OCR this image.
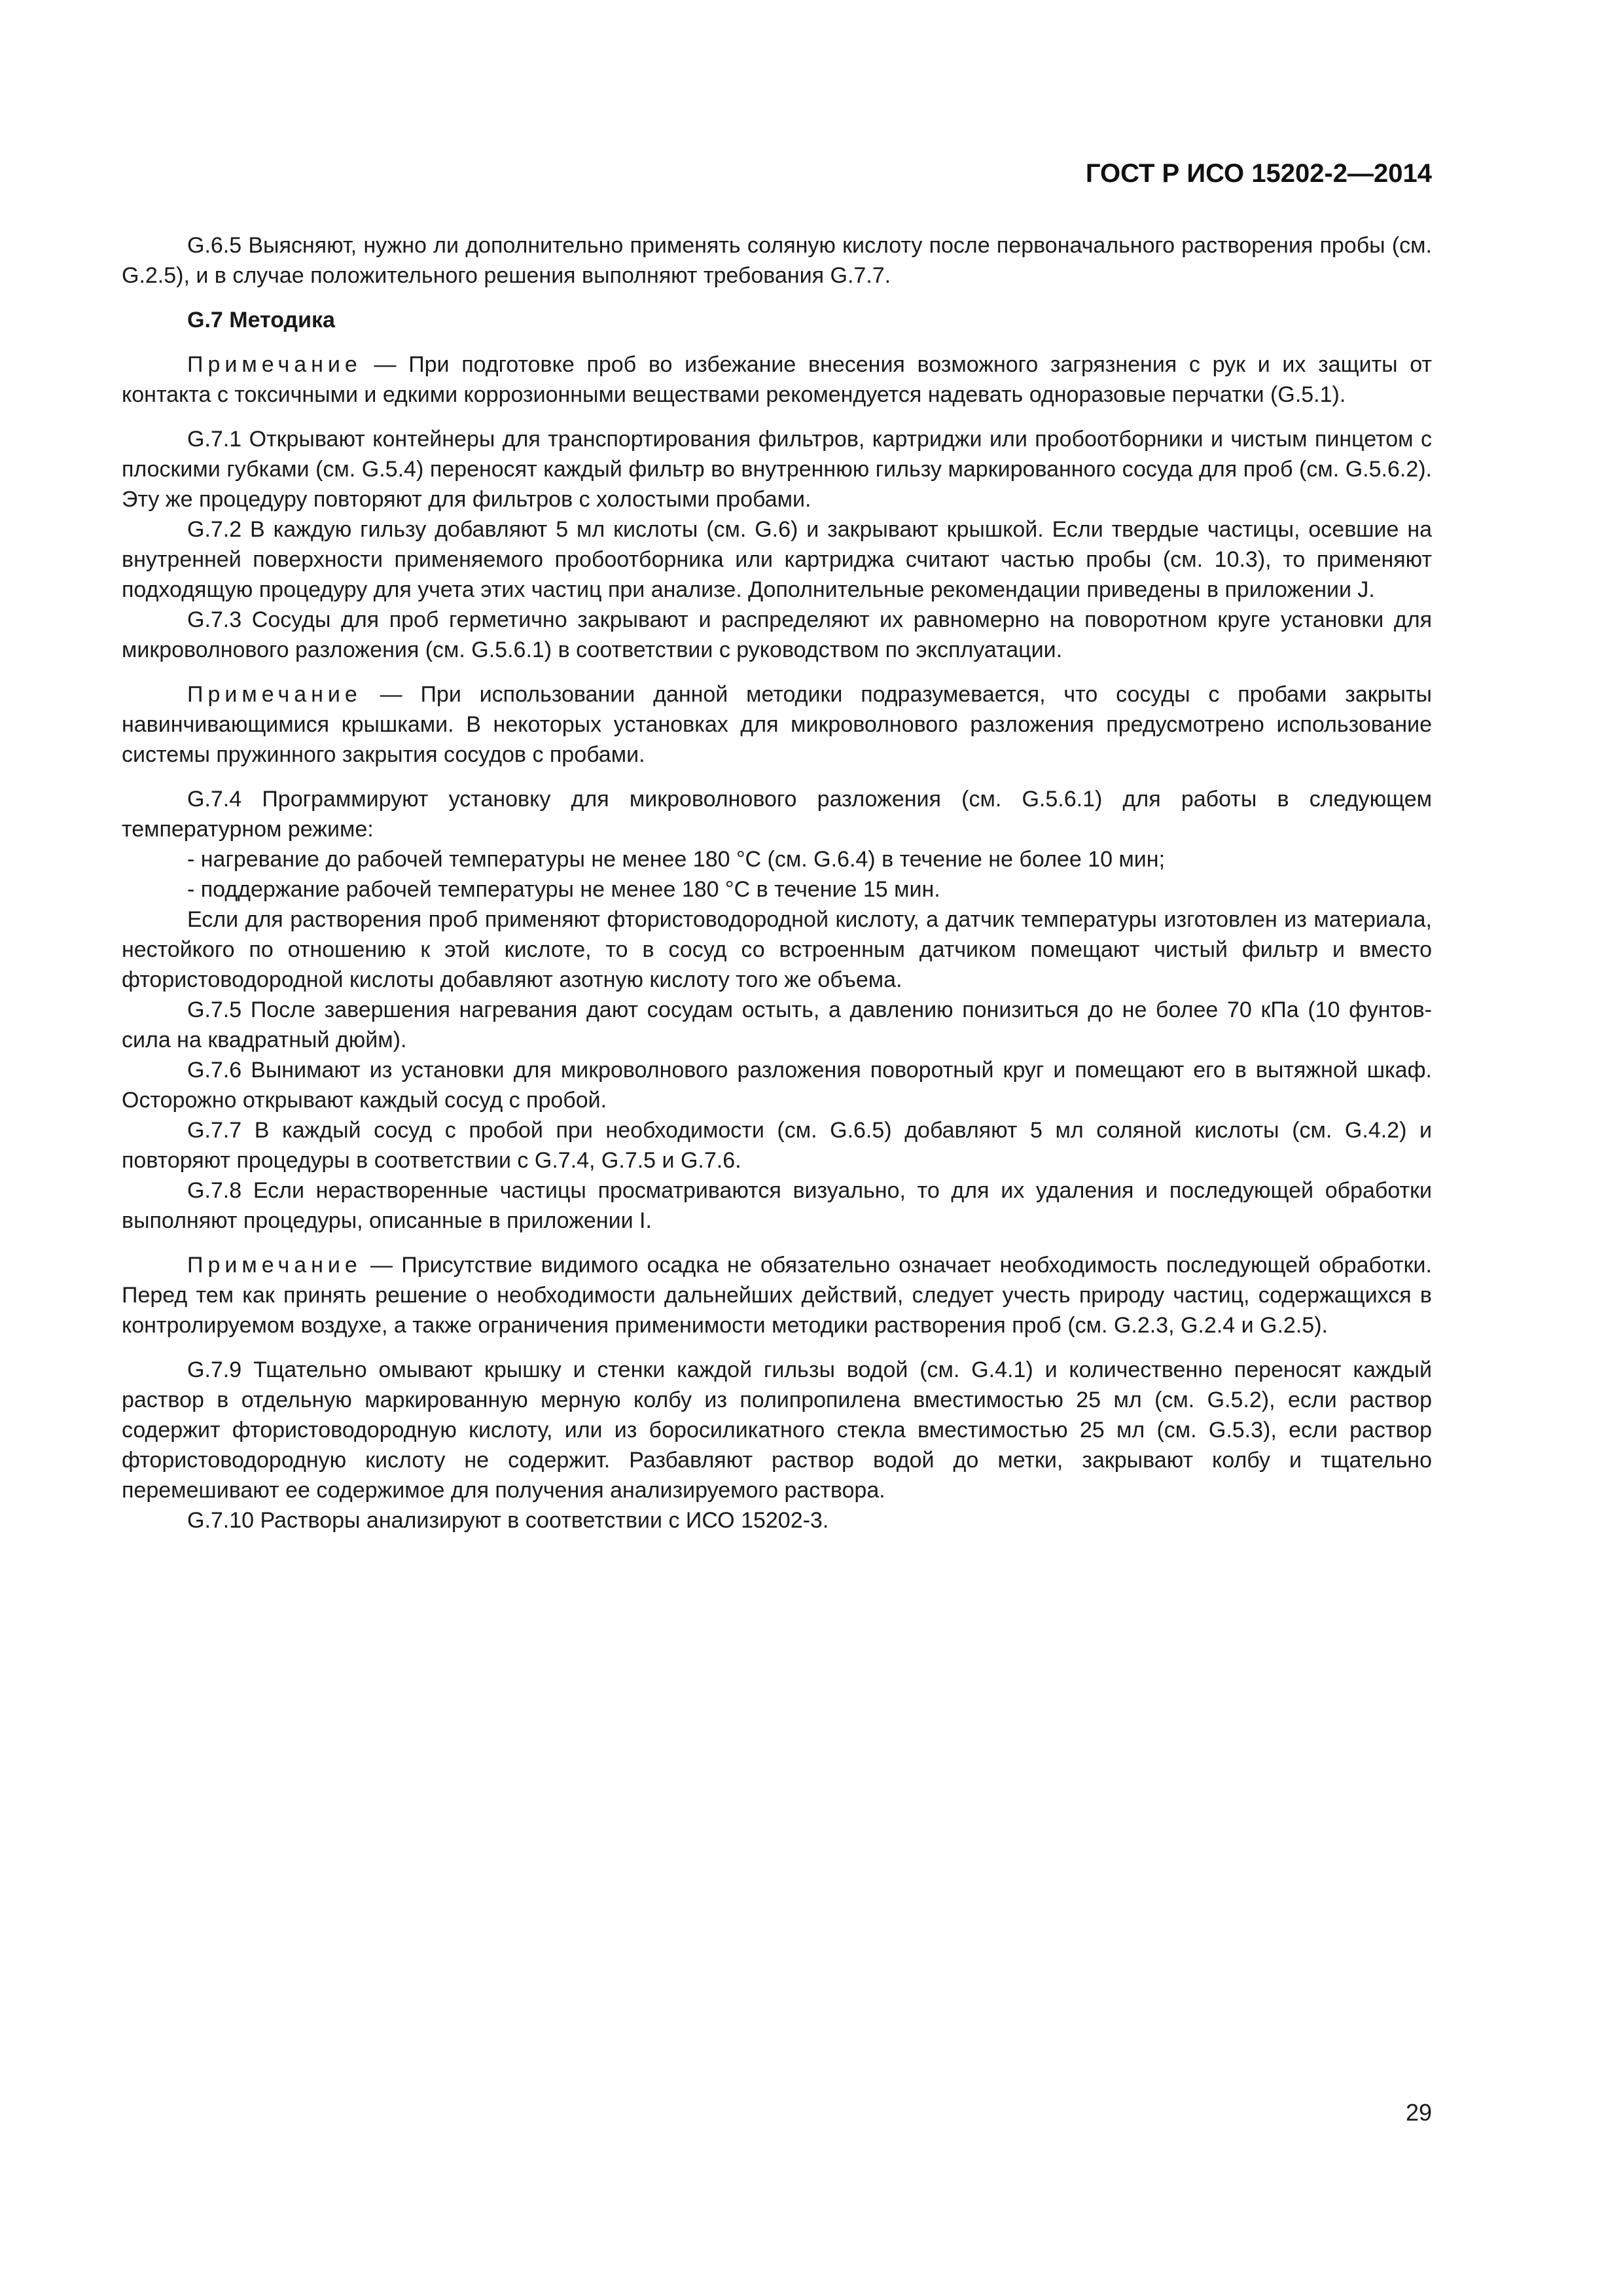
ГОСТ Р ИСО 15202-2—2014

G.6.5 Выясняют, нужно ли дополнительно применять соляную кислоту после первоначального растворения пробы (см. G.2.5), и в случае положительного решения выполняют требования G.7.7.

G.7 Методика

Примечание — При подготовке проб во избежание внесения возможного загрязнения с рук и их защиты от контакта с токсичными и едкими коррозионными веществами рекомендуется надевать одноразовые перчатки (G.5.1).

G.7.1 Открывают контейнеры для транспортирования фильтров, картриджи или пробоотборники и чистым пинцетом с плоскими губками (см. G.5.4) переносят каждый фильтр во внутреннюю гильзу маркированного сосуда для проб (см. G.5.6.2). Эту же процедуру повторяют для фильтров с холостыми пробами.

G.7.2 В каждую гильзу добавляют 5 мл кислоты (см. G.6) и закрывают крышкой. Если твердые частицы, осевшие на внутренней поверхности применяемого пробоотборника или картриджа считают частью пробы (см. 10.3), то применяют подходящую процедуру для учета этих частиц при анализе. Дополнительные рекомендации приведены в приложении J.

G.7.3 Сосуды для проб герметично закрывают и распределяют их равномерно на поворотном круге установки для микроволнового разложения (см. G.5.6.1) в соответствии с руководством по эксплуатации.

Примечание — При использовании данной методики подразумевается, что сосуды с пробами закрыты навинчивающимися крышками. В некоторых установках для микроволнового разложения предусмотрено использование системы пружинного закрытия сосудов с пробами.

G.7.4 Программируют установку для микроволнового разложения (см. G.5.6.1) для работы в следующем температурном режиме:

- нагревание до рабочей температуры не менее 180 °С (см. G.6.4) в течение не более 10 мин;

- поддержание рабочей температуры не менее 180 °С в течение 15 мин.

Если для растворения проб применяют фтористоводородной кислоту, а датчик температуры изготовлен из материала, нестойкого по отношению к этой кислоте, то в сосуд со встроенным датчиком помещают чистый фильтр и вместо фтористоводородной кислоты добавляют азотную кислоту того же объема.

G.7.5 После завершения нагревания дают сосудам остыть, а давлению понизиться до не более 70 кПа (10 фунтов-сила на квадратный дюйм).

G.7.6 Вынимают из установки для микроволнового разложения поворотный круг и помещают его в вытяжной шкаф. Осторожно открывают каждый сосуд с пробой.

G.7.7 В каждый сосуд с пробой при необходимости (см. G.6.5) добавляют 5 мл соляной кислоты (см. G.4.2) и повторяют процедуры в соответствии с G.7.4, G.7.5 и G.7.6.

G.7.8 Если нерастворенные частицы просматриваются визуально, то для их удаления и последующей обработки выполняют процедуры, описанные в приложении I.

Примечание — Присутствие видимого осадка не обязательно означает необходимость последующей обработки. Перед тем как принять решение о необходимости дальнейших действий, следует учесть природу частиц, содержащихся в контролируемом воздухе, а также ограничения применимости методики растворения проб (см. G.2.3, G.2.4 и G.2.5).

G.7.9 Тщательно омывают крышку и стенки каждой гильзы водой (см. G.4.1) и количественно переносят каждый раствор в отдельную маркированную мерную колбу из полипропилена вместимостью 25 мл (см. G.5.2), если раствор содержит фтористоводородную кислоту, или из боросиликатного стекла вместимостью 25 мл (см. G.5.3), если раствор фтористоводородную кислоту не содержит. Разбавляют раствор водой до метки, закрывают колбу и тщательно перемешивают ее содержимое для получения анализируемого раствора.

G.7.10 Растворы анализируют в соответствии с ИСО 15202-3.

29
